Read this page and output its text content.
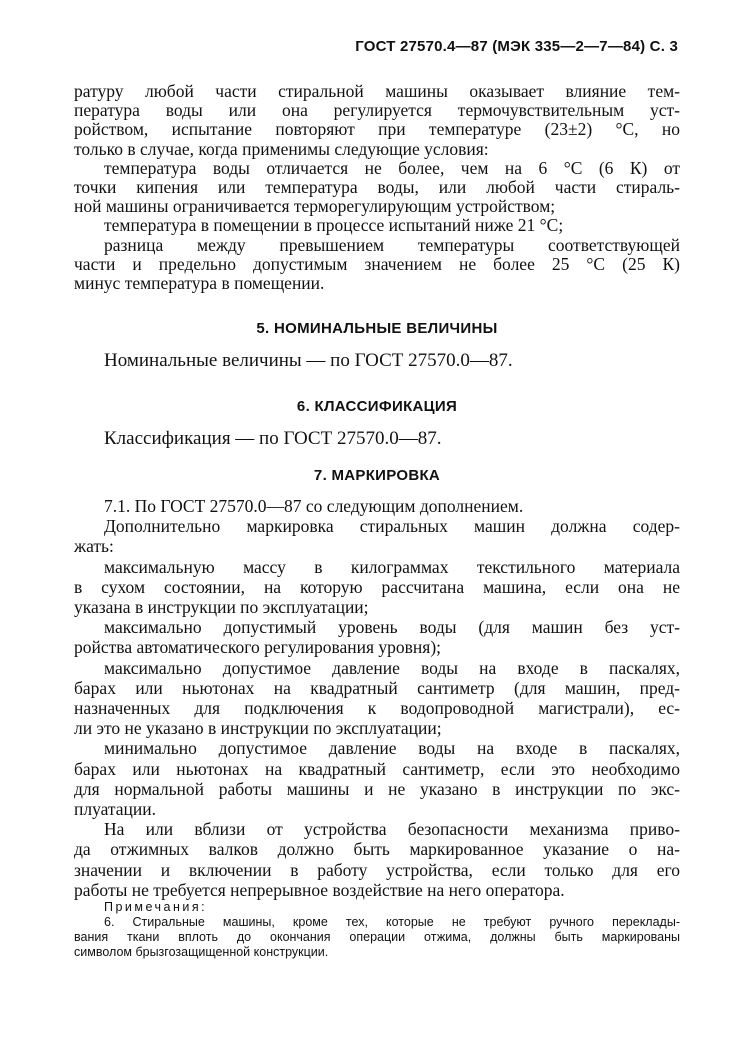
ГОСТ 27570.4—87 (МЭК 335—2—7—84) С. 3
ратуру любой части стиральной машины оказывает влияние тем-
пература воды или она регулируется термочувствительным уст-
ройством, испытание повторяют при температуре (23±2) °С, но
только в случае, когда применимы следующие условия:
температура воды отличается не более, чем на 6 °С (6 К) от
точки кипения или температура воды, или любой части стираль-
ной машины ограничивается терморегулирующим устройством;
температура в помещении в процессе испытаний ниже 21 °С;
разница между превышением температуры соответствующей
части и предельно допустимым значением не более 25 °С (25 К)
минус температура в помещении.
5. НОМИНАЛЬНЫЕ ВЕЛИЧИНЫ
Номинальные величины — по ГОСТ 27570.0—87.
6. КЛАССИФИКАЦИЯ
Классификация — по ГОСТ 27570.0—87.
7. МАРКИРОВКА
7.1. По ГОСТ 27570.0—87 со следующим дополнением.
Дополнительно маркировка стиральных машин должна содер-
жать:
максимальную массу в килограммах текстильного материала
в сухом состоянии, на которую рассчитана машина, если она не
указана в инструкции по эксплуатации;
максимально допустимый уровень воды (для машин без уст-
ройства автоматического регулирования уровня);
максимально допустимое давление воды на входе в паскалях,
барах или ньютонах на квадратный сантиметр (для машин, пред-
назначенных для подключения к водопроводной магистрали), ес-
ли это не указано в инструкции по эксплуатации;
минимально допустимое давление воды на входе в паскалях,
барах или ньютонах на квадратный сантиметр, если это необходимо
для нормальной работы машины и не указано в инструкции по экс-
плуатации.
На или вблизи от устройства безопасности механизма приво-
да отжимных валков должно быть маркированное указание о на-
значении и включении в работу устройства, если только для его
работы не требуется непрерывное воздействие на него оператора.
Примечания:
6. Стиральные машины, кроме тех, которые не требуют ручного переклады-
вания ткани вплоть до окончания операции отжима, должны быть маркированы
символом брызгозащищенной конструкции.
